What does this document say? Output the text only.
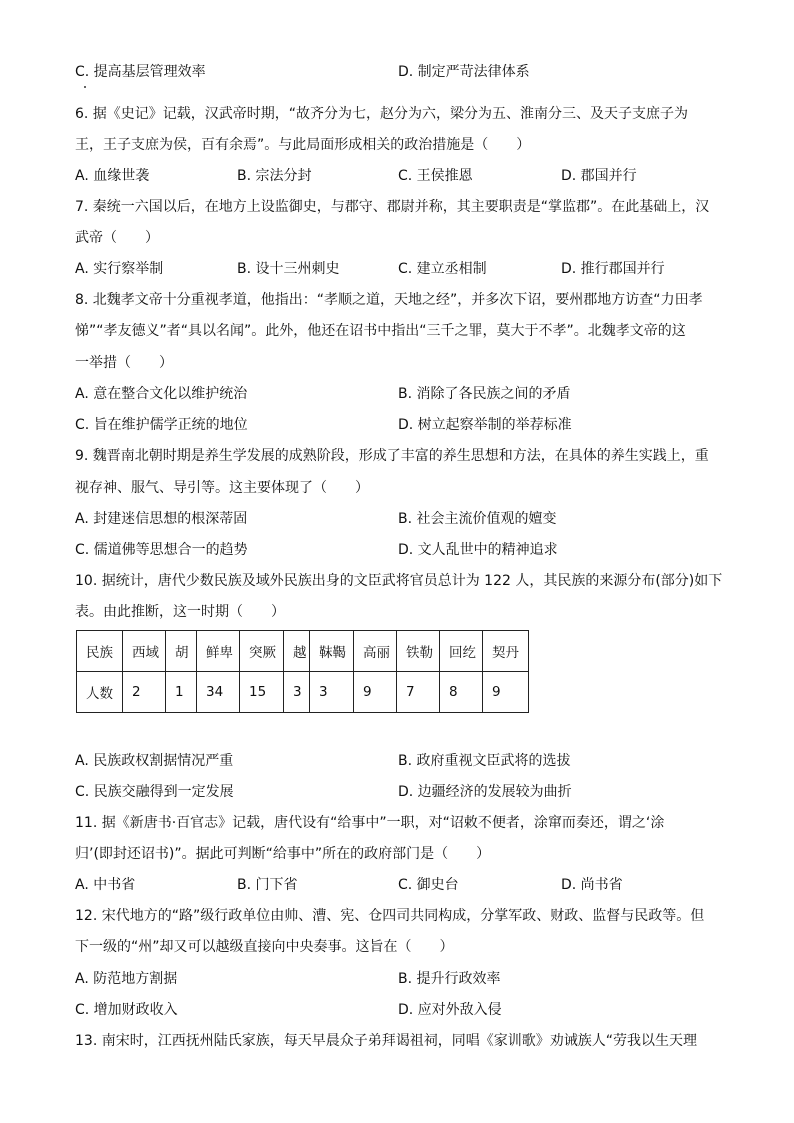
C. 提高基层管理效率	D. 制定严苛法律体系
6. 据《史记》记载，汉武帝时期，“故齐分为七，赵分为六，梁分为五、淮南分三、及天子支庶子为
王，王子支庶为侯，百有余焉”。与此局面形成相关的政治措施是（　　）
A. 血缘世袭	B. 宗法分封	C. 王侯推恩	D. 郡国并行
7. 秦统一六国以后，在地方上设监御史，与郡守、郡尉并称，其主要职责是“掌监郡”。在此基础上，汉
武帝（　　）
A. 实行察举制	B. 设十三州刺史	C. 建立丞相制	D. 推行郡国并行
8. 北魏孝文帝十分重视孝道，他指出：“孝顺之道，天地之经”，并多次下诏，要州郡地方访查“力田孝
悌”“孝友德义”者“具以名闻”。此外，他还在诏书中指出“三千之罪，莫大于不孝”。北魏孝文帝的这
一举措（　　）
A. 意在整合文化以维护统治	B. 消除了各民族之间的矛盾
C. 旨在维护儒学正统的地位	D. 树立起察举制的举荐标准
9. 魏晋南北朝时期是养生学发展的成熟阶段，形成了丰富的养生思想和方法，在具体的养生实践上，重
视存神、服气、导引等。这主要体现了（　　）
A. 封建迷信思想的根深蒂固	B. 社会主流价值观的嬗变
C. 儒道佛等思想合一的趋势	D. 文人乱世中的精神追求
10. 据统计，唐代少数民族及域外民族出身的文臣武将官员总计为 122 人，其民族的来源分布(部分)如下
表。由此推断，这一时期（　　）
民族	西域	胡	鲜卑	突厥	越	靺鞨	高丽	铁勒	回纥	契丹
人数	2	1	34	15	3	3	9	7	8	9
A. 民族政权割据情况严重	B. 政府重视文臣武将的选拔
C. 民族交融得到一定发展	D. 边疆经济的发展较为曲折
11. 据《新唐书·百官志》记载，唐代设有“给事中”一职，对“诏敕不便者，涂窜而奏还，谓之‘涂
归’(即封还诏书)”。据此可判断“给事中”所在的政府部门是（　　）
A. 中书省	B. 门下省	C. 御史台	D. 尚书省
12. 宋代地方的“路”级行政单位由帅、漕、宪、仓四司共同构成，分掌军政、财政、监督与民政等。但
下一级的“州”却又可以越级直接向中央奏事。这旨在（　　）
A. 防范地方割据	B. 提升行政效率
C. 增加财政收入	D. 应对外敌入侵
13. 南宋时，江西抚州陆氏家族，每天早晨众子弟拜谒祖祠，同唱《家训歌》劝诫族人“劳我以生天理
